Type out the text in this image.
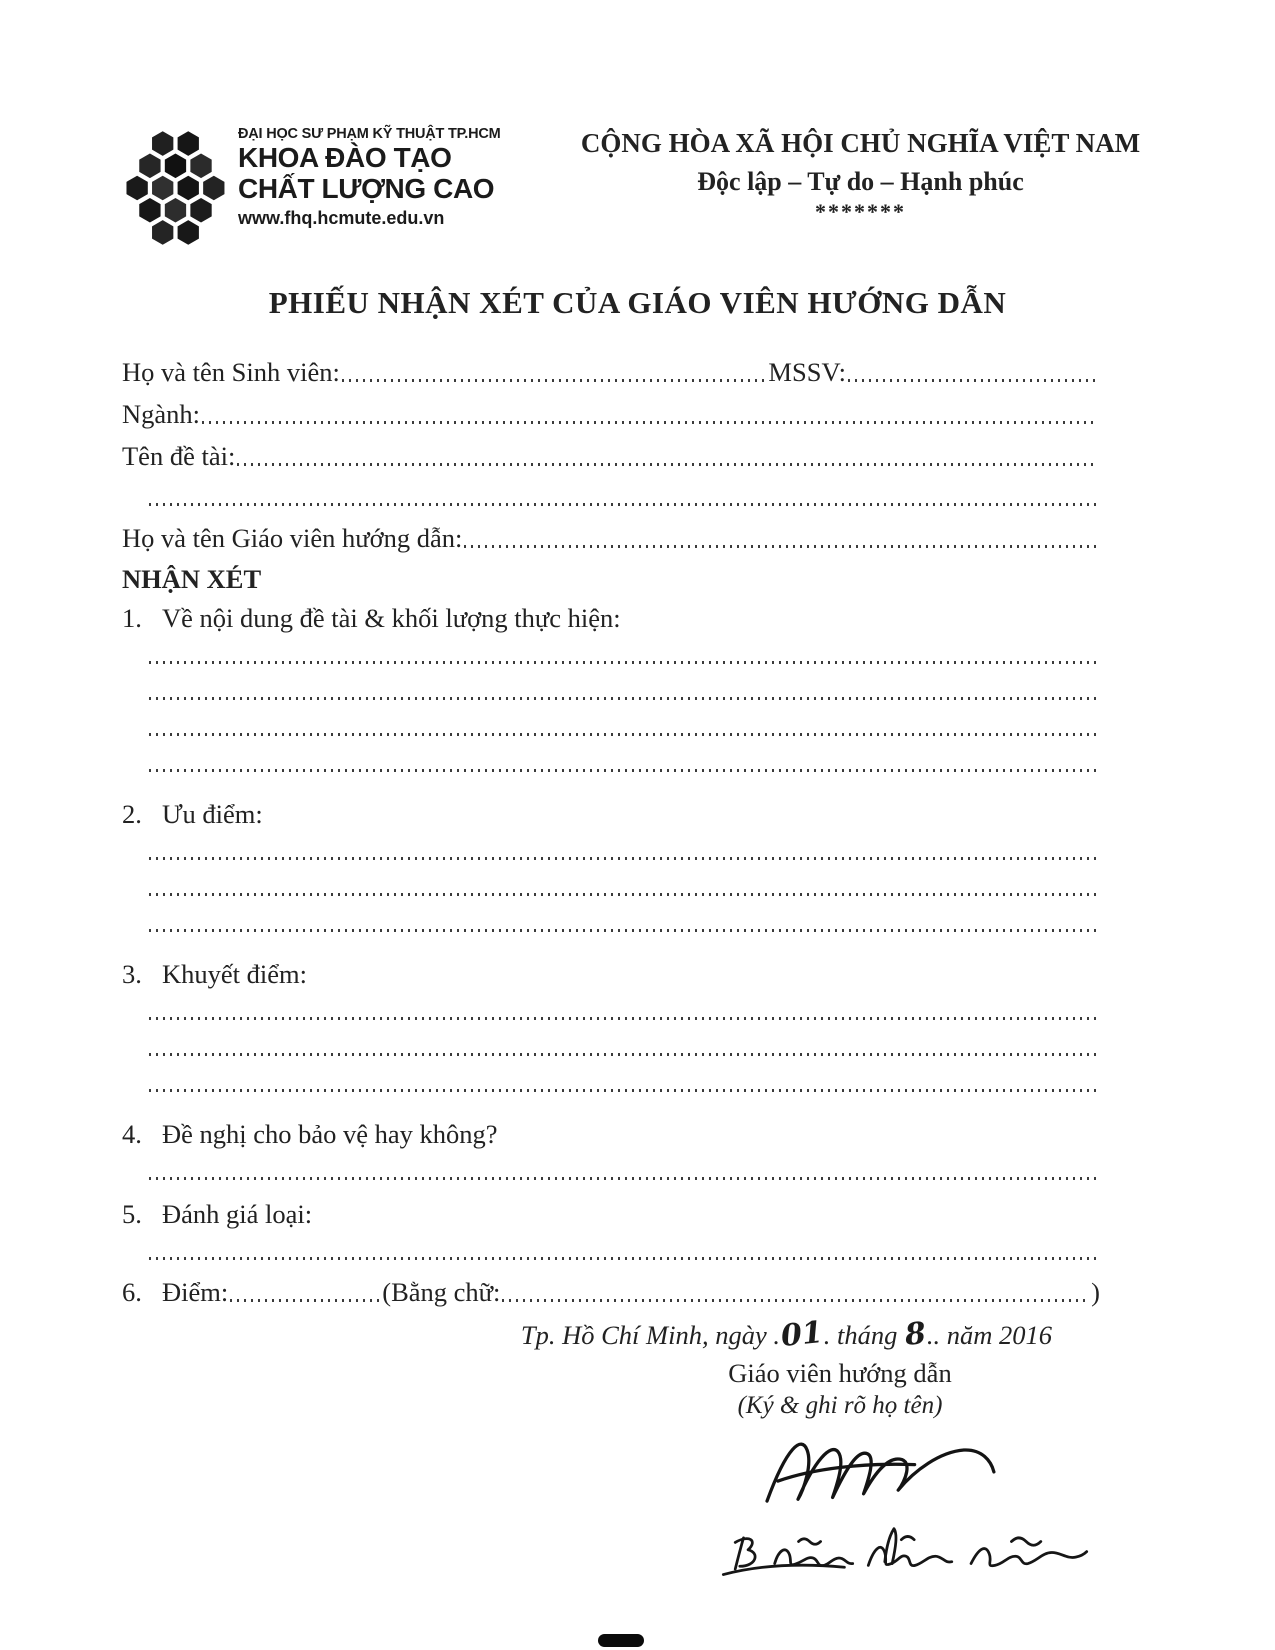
ĐẠI HỌC SƯ PHẠM KỸ THUẬT TP.HCM
KHOA ĐÀO TẠO
CHẤT LƯỢNG CAO
www.fhq.hcmute.edu.vn
CỘNG HÒA XÃ HỘI CHỦ NGHĨA VIỆT NAM
Độc lập – Tự do – Hạnh phúc
*******
PHIẾU NHẬN XÉT CỦA GIÁO VIÊN HƯỚNG DẪN
Họ và tên Sinh viên:	MSSV:
Ngành:
Tên đề tài:
Họ và tên Giáo viên hướng dẫn:
NHẬN XÉT
1. Về nội dung đề tài & khối lượng thực hiện:
2. Ưu điểm:
3. Khuyết điểm:
4. Đề nghị cho bảo vệ hay không?
5. Đánh giá loại:
6. Điểm:	(Bằng chữ:	)
Tp. Hồ Chí Minh, ngày .01. tháng 8.. năm 2016
Giáo viên hướng dẫn
(Ký & ghi rõ họ tên)
